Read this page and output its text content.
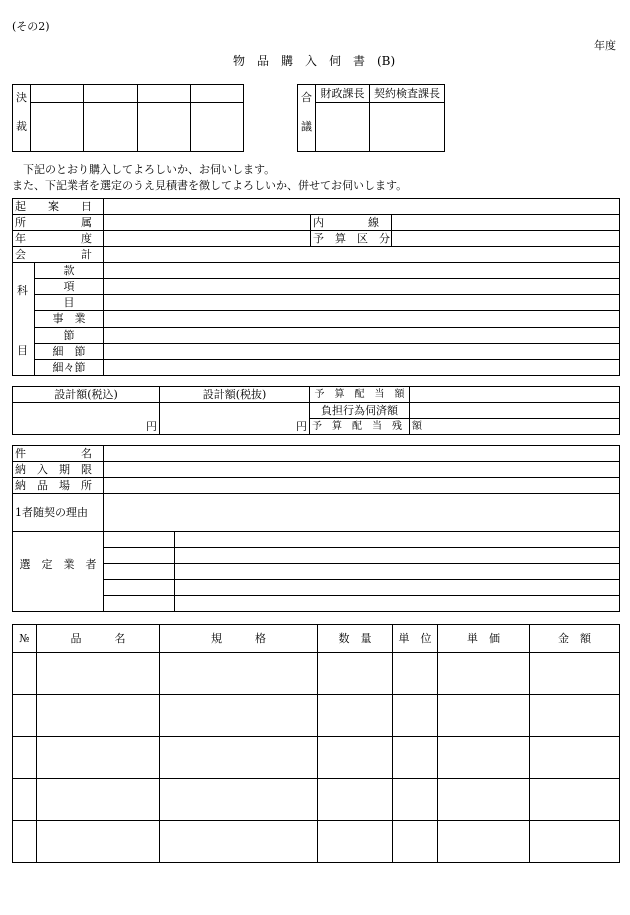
(その2)
年度
物　品　購　入　伺　書　(B)
決				
裁				
合	財政課長	契約検査課長
議		
　下記のとおり購入してよろしいか、お伺いします。
また、下記業者を選定のうえ見積書を徴してよろしいか、併せてお伺いします。
起　　案　　日				
所　　　　　属			内　　　　線	
年　　　　　度			予　算　区　分	
会　　　　　計				

科
目	款			
	項			
	目			
	事　業			
	節			
	細　節			
	細々節			
設計額(税込)	設計額(税抜)	予　算　配　当　額	
円	円	負担行為伺済額	
		予　算　配　当　残　額	
件　　　　　名		
納　入　期　限		
納　品　場　所		
1者随契の理由		
選　定　業　者		

№	品　　　名	規　　　格	数　量	単　位	単　価	金　額
